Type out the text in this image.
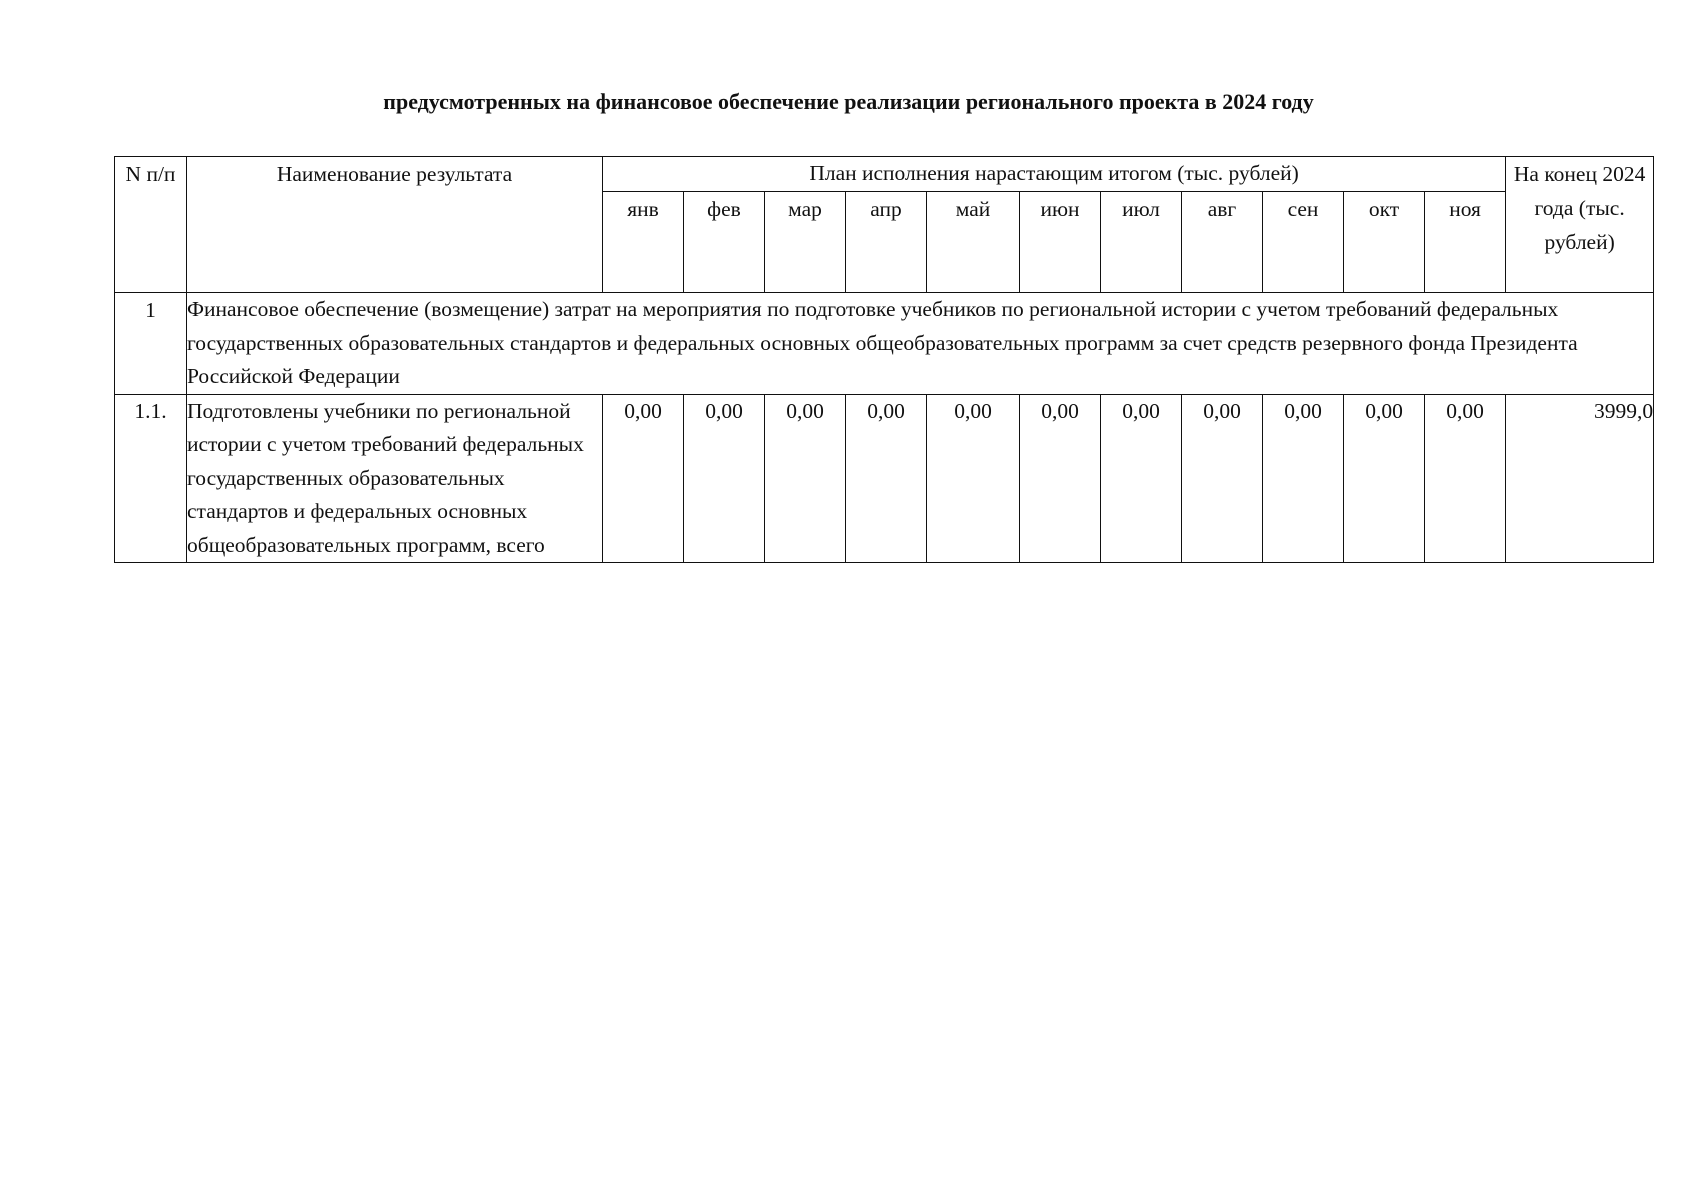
предусмотренных на финансовое обеспечение реализации регионального проекта в 2024 году
N п/п	Наименование результата	План исполнения нарастающим итогом (тыс. рублей)											На конец 2024 года (тыс. рублей)
		янв	фев	мар	апр	май	июн	июл	авг	сен	окт	ноя	
1	Финансовое обеспечение (возмещение) затрат на мероприятия по подготовке учебников по региональной истории с учетом требований федеральных государственных образовательных стандартов и федеральных основных общеобразовательных программ за счет средств резервного фонда Президента Российской Федерации												
1.1.	Подготовлены учебники по региональной истории с учетом требований федеральных государственных образовательных стандартов и федеральных основных общеобразовательных программ, всего	0,00	0,00	0,00	0,00	0,00	0,00	0,00	0,00	0,00	0,00	0,00	3999,0
